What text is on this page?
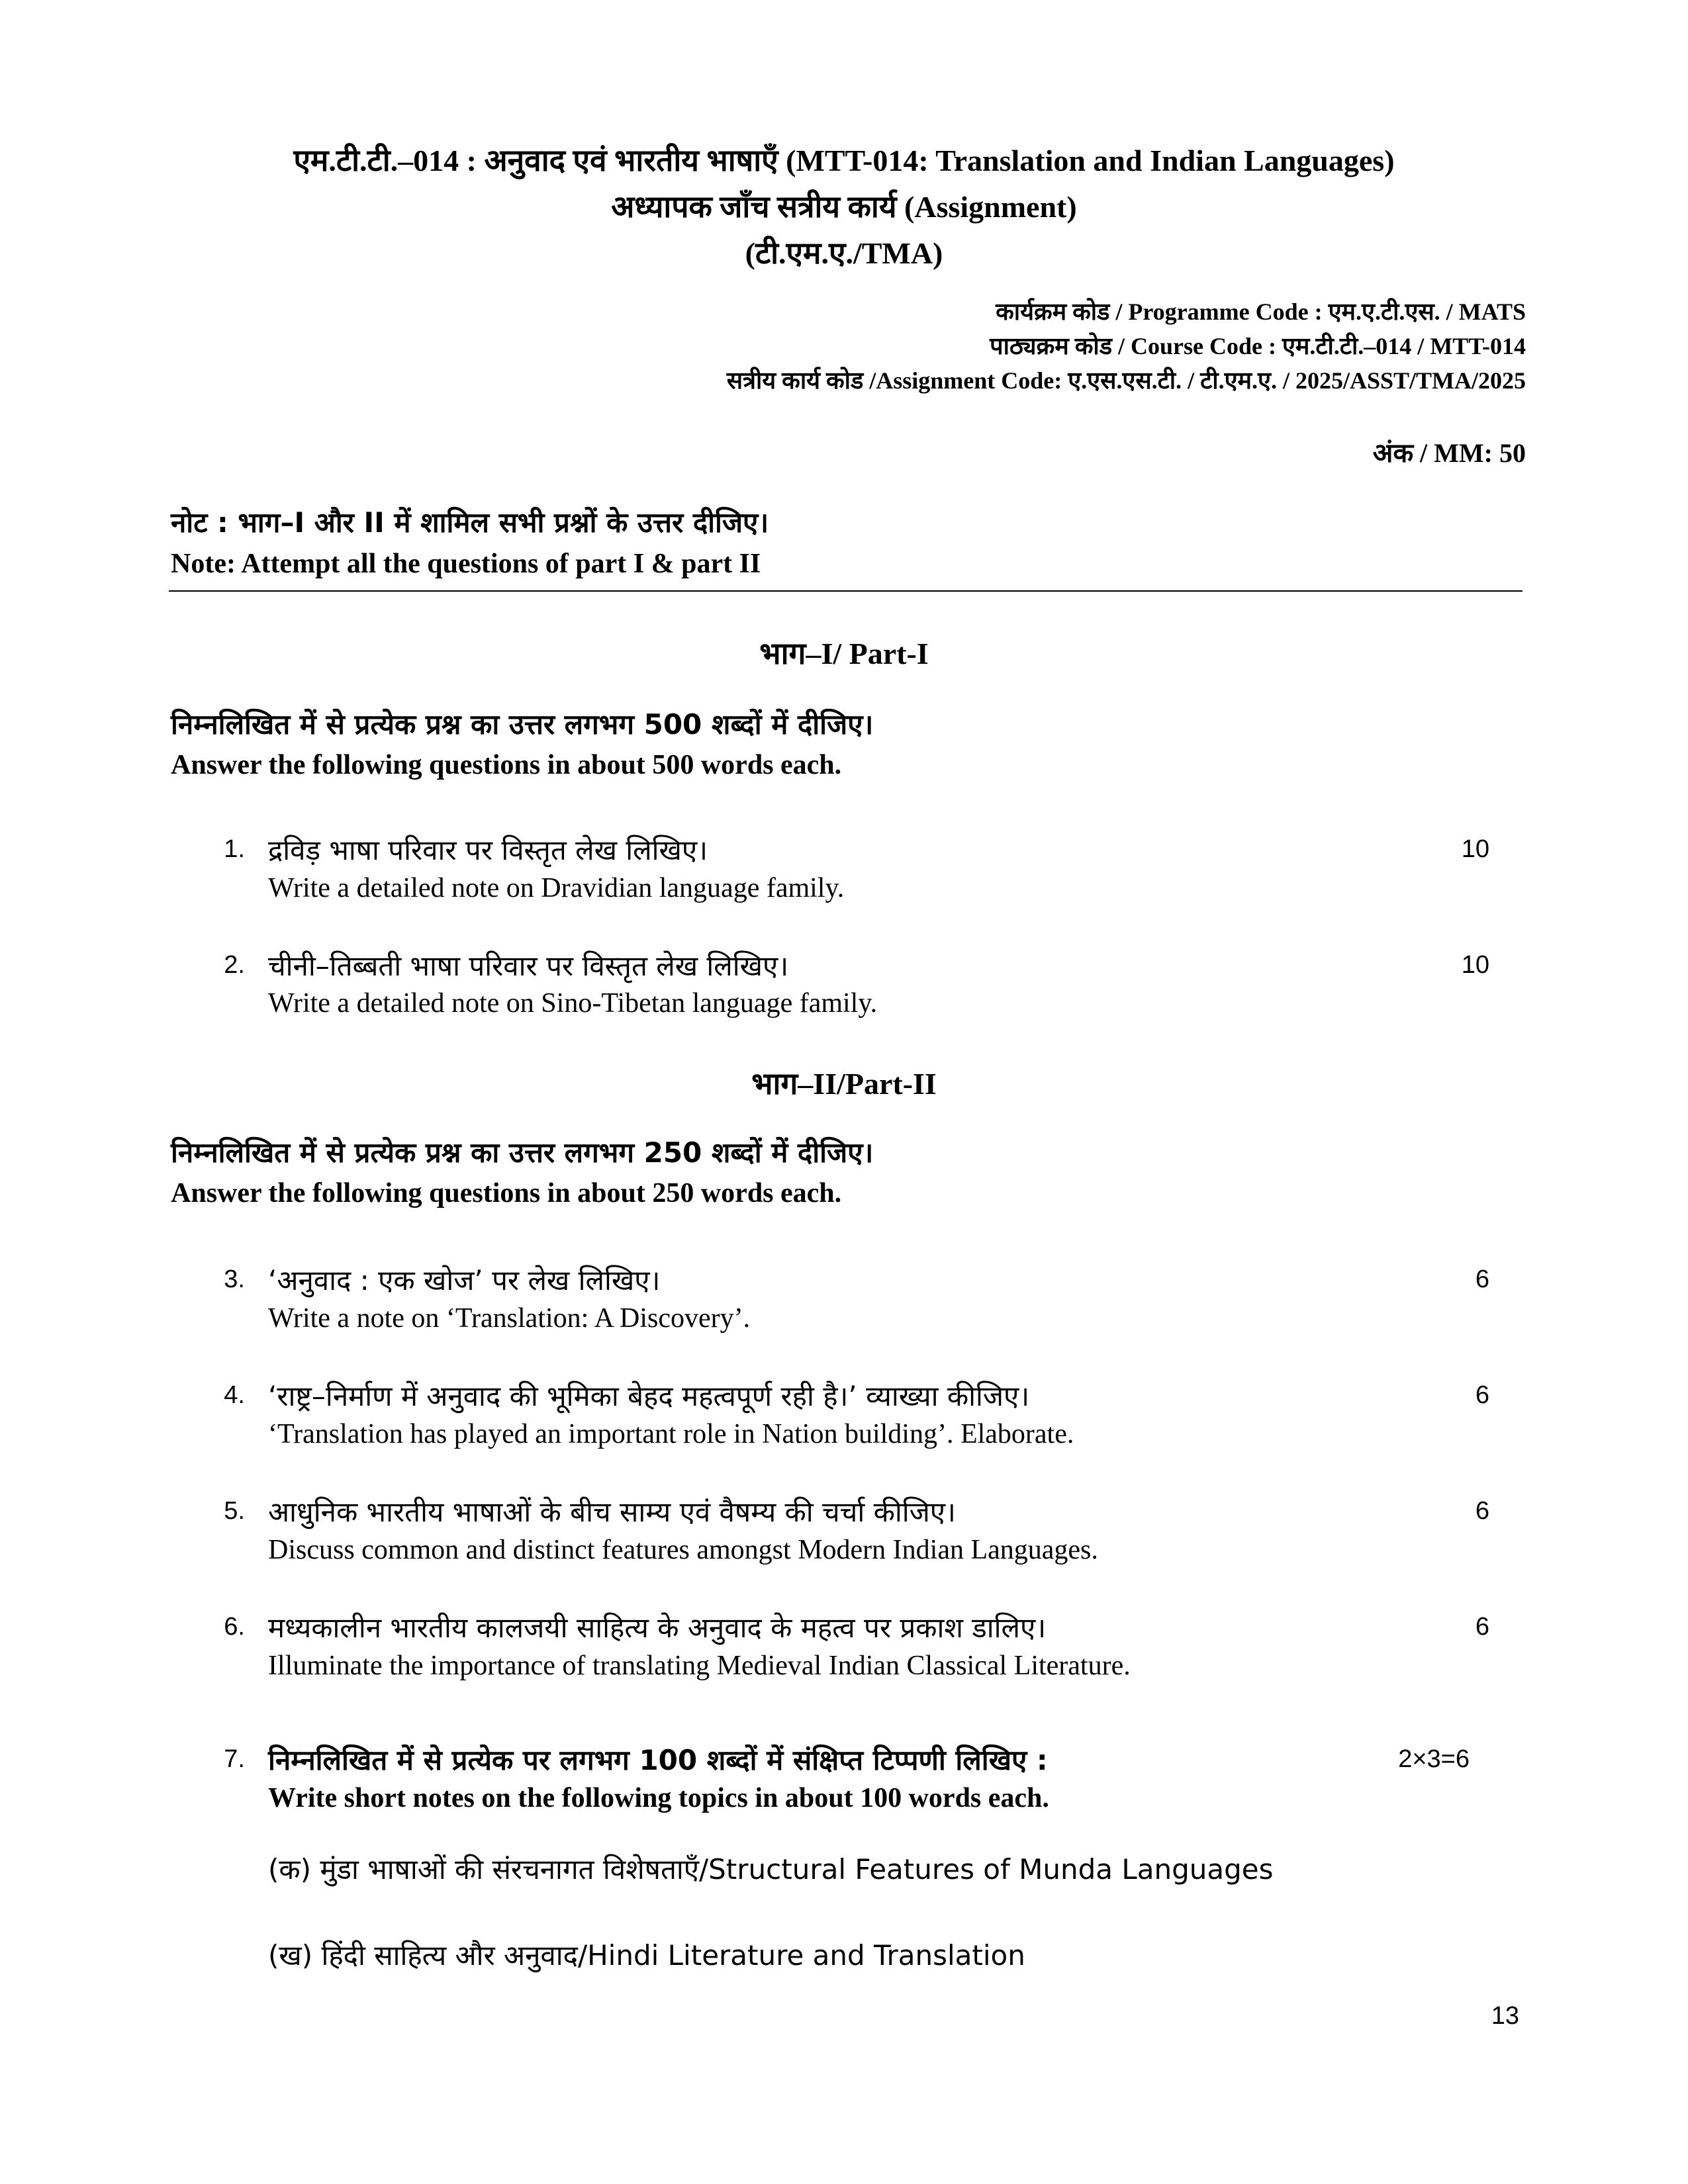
एम.टी.टी.–014 : अनुवाद एवं भारतीय भाषाएँ (MTT-014: Translation and Indian Languages)
अध्यापक जाँच सत्रीय कार्य (Assignment)
(टी.एम.ए./TMA)
कार्यक्रम कोड / Programme Code : एम.ए.टी.एस. / MATS
पाठ्यक्रम कोड / Course Code : एम.टी.टी.–014 / MTT-014
सत्रीय कार्य कोड /Assignment Code: ए.एस.एस.टी. / टी.एम.ए. / 2025/ASST/TMA/2025
अंक / MM: 50
नोट : भाग–I और II में शामिल सभी प्रश्नों के उत्तर दीजिए।
Note: Attempt all the questions of part I & part II
भाग–I/ Part-I
निम्नलिखित में से प्रत्येक प्रश्न का उत्तर लगभग 500 शब्दों में दीजिए।
Answer the following questions in about 500 words each.
1. द्रविड़ भाषा परिवार पर विस्तृत लेख लिखिए।
Write a detailed note on Dravidian language family.
10
2. चीनी–तिब्बती भाषा परिवार पर विस्तृत लेख लिखिए।
Write a detailed note on Sino-Tibetan language family.
10
भाग–II/Part-II
निम्नलिखित में से प्रत्येक प्रश्न का उत्तर लगभग 250 शब्दों में दीजिए।
Answer the following questions in about 250 words each.
3. ‘अनुवाद : एक खोज’ पर लेख लिखिए।
Write a note on ‘Translation: A Discovery’.
6
4. ‘राष्ट्र–निर्माण में अनुवाद की भूमिका बेहद महत्वपूर्ण रही है।’ व्याख्या कीजिए।
‘Translation has played an important role in Nation building’. Elaborate.
6
5. आधुनिक भारतीय भाषाओं के बीच साम्य एवं वैषम्य की चर्चा कीजिए।
Discuss common and distinct features amongst Modern Indian Languages.
6
6. मध्यकालीन भारतीय कालजयी साहित्य के अनुवाद के महत्व पर प्रकाश डालिए।
Illuminate the importance of translating Medieval Indian Classical Literature.
6
7. निम्नलिखित में से प्रत्येक पर लगभग 100 शब्दों में संक्षिप्त टिप्पणी लिखिए :
Write short notes on the following topics in about 100 words each.
2×3=6
(क) मुंडा भाषाओं की संरचनागत विशेषताएँ/Structural Features of Munda Languages
(ख) हिंदी साहित्य और अनुवाद/Hindi Literature and Translation
13
